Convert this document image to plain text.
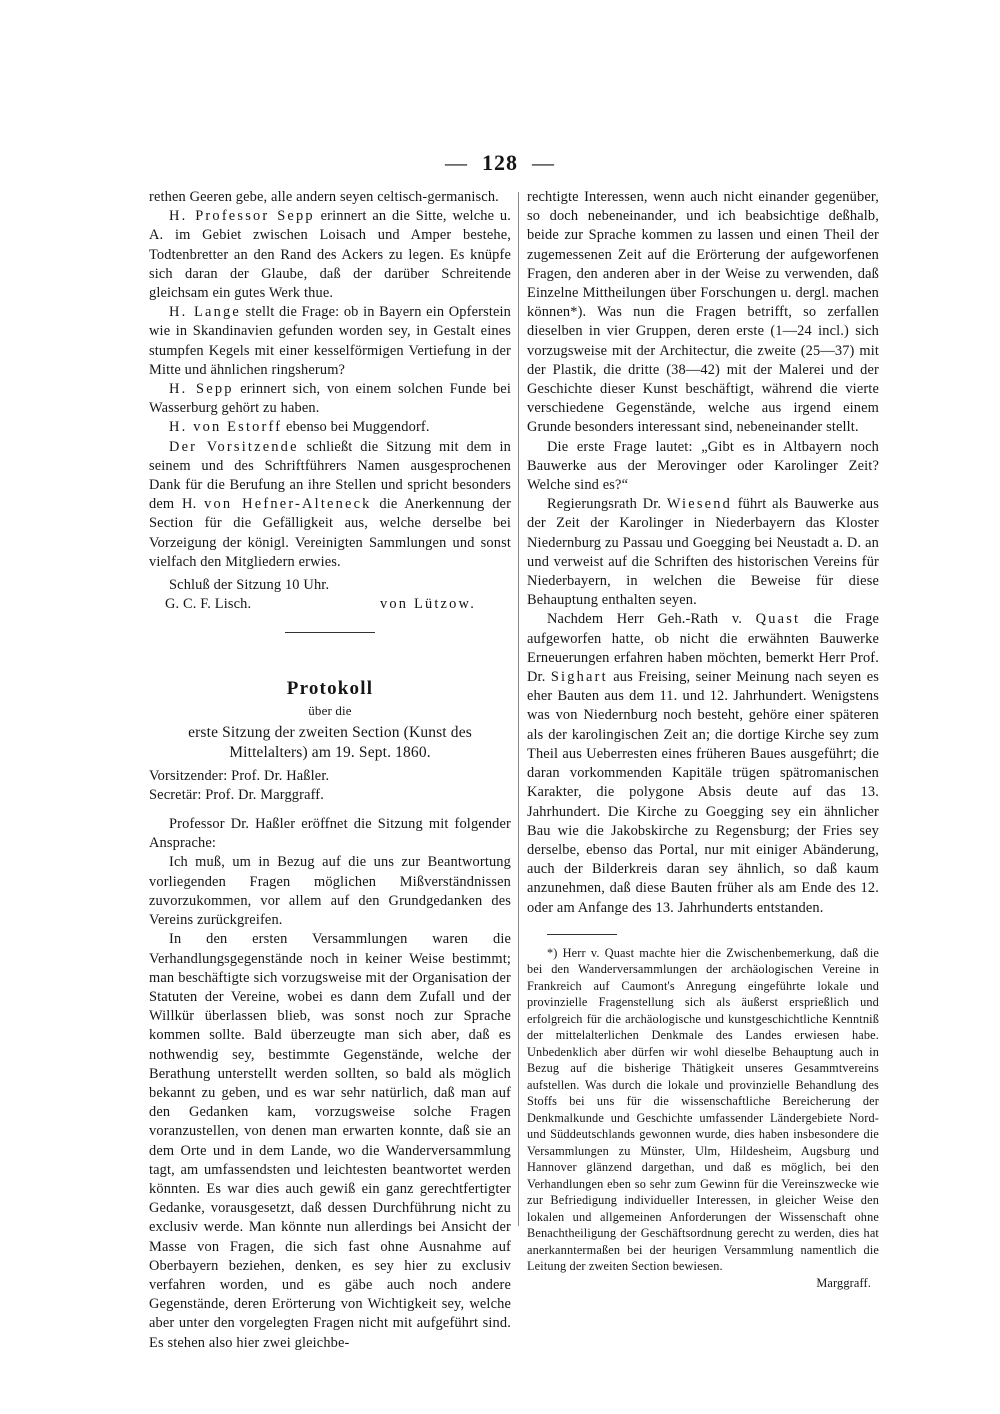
— 128 —

rethen Geeren gebe, alle andern seyen celtisch-germanisch.

H. Professor Sepp erinnert an die Sitte, welche u. A. im Gebiet zwischen Loisach und Amper bestehe, Todtenbretter an den Rand des Ackers zu legen. Es knüpfe sich daran der Glaube, daß der darüber Schreitende gleichsam ein gutes Werk thue.

H. Lange stellt die Frage: ob in Bayern ein Opferstein wie in Skandinavien gefunden worden sey, in Gestalt eines stumpfen Kegels mit einer kesselförmigen Vertiefung in der Mitte und ähnlichen ringsherum?

H. Sepp erinnert sich, von einem solchen Funde bei Wasserburg gehört zu haben.

H. von Estorff ebenso bei Muggendorf.

Der Vorsitzende schließt die Sitzung mit dem in seinem und des Schriftführers Namen ausgesprochenen Dank für die Berufung an ihre Stellen und spricht besonders dem H. von Hefner-Alteneck die Anerkennung der Section für die Gefälligkeit aus, welche derselbe bei Vorzeigung der königl. Vereinigten Sammlungen und sonst vielfach den Mitgliedern erwies.

Schluß der Sitzung 10 Uhr.

G. C. F. Lisch.	von Lützow.
Protokoll

über die

erste Sitzung der zweiten Section (Kunst des Mittelalters) am 19. Sept. 1860.

Vorsitzender: Prof. Dr. Haßler.

Secretär: Prof. Dr. Marggraff.

Professor Dr. Haßler eröffnet die Sitzung mit folgender Ansprache:

Ich muß, um in Bezug auf die uns zur Beantwortung vorliegenden Fragen möglichen Mißverständnissen zuvorzukommen, vor allem auf den Grundgedanken des Vereins zurückgreifen.

In den ersten Versammlungen waren die Verhandlungsgegenstände noch in keiner Weise bestimmt; man beschäftigte sich vorzugsweise mit der Organisation der Statuten der Vereine, wobei es dann dem Zufall und der Willkür überlassen blieb, was sonst noch zur Sprache kommen sollte. Bald überzeugte man sich aber, daß es nothwendig sey, bestimmte Gegenstände, welche der Berathung unterstellt werden sollten, so bald als möglich bekannt zu geben, und es war sehr natürlich, daß man auf den Gedanken kam, vorzugsweise solche Fragen voranzustellen, von denen man erwarten konnte, daß sie an dem Orte und in dem Lande, wo die Wanderversammlung tagt, am umfassendsten und leichtesten beantwortet werden könnten. Es war dies auch gewiß ein ganz gerechtfertigter Gedanke, vorausgesetzt, daß dessen Durchführung nicht zu exclusiv werde. Man könnte nun allerdings bei Ansicht der Masse von Fragen, die sich fast ohne Ausnahme auf Oberbayern beziehen, denken, es sey hier zu exclusiv verfahren worden, und es gäbe auch noch andere Gegenstände, deren Erörterung von Wichtigkeit sey, welche aber unter den vorgelegten Fragen nicht mit aufgeführt sind. Es stehen also hier zwei gleichbe-

rechtigte Interessen, wenn auch nicht einander gegenüber, so doch nebeneinander, und ich beabsichtige deßhalb, beide zur Sprache kommen zu lassen und einen Theil der zugemessenen Zeit auf die Erörterung der aufgeworfenen Fragen, den anderen aber in der Weise zu verwenden, daß Einzelne Mittheilungen über Forschungen u. dergl. machen können*). Was nun die Fragen betrifft, so zerfallen dieselben in vier Gruppen, deren erste (1—24 incl.) sich vorzugsweise mit der Architectur, die zweite (25—37) mit der Plastik, die dritte (38—42) mit der Malerei und der Geschichte dieser Kunst beschäftigt, während die vierte verschiedene Gegenstände, welche aus irgend einem Grunde besonders interessant sind, nebeneinander stellt.

Die erste Frage lautet: „Gibt es in Altbayern noch Bauwerke aus der Merovinger oder Karolinger Zeit? Welche sind es?“

Regierungsrath Dr. Wiesend führt als Bauwerke aus der Zeit der Karolinger in Niederbayern das Kloster Niedernburg zu Passau und Goegging bei Neustadt a. D. an und verweist auf die Schriften des historischen Vereins für Niederbayern, in welchen die Beweise für diese Behauptung enthalten seyen.

Nachdem Herr Geh.-Rath v. Quast die Frage aufgeworfen hatte, ob nicht die erwähnten Bauwerke Erneuerungen erfahren haben möchten, bemerkt Herr Prof. Dr. Sighart aus Freising, seiner Meinung nach seyen es eher Bauten aus dem 11. und 12. Jahrhundert. Wenigstens was von Niedernburg noch besteht, gehöre einer späteren als der karolingischen Zeit an; die dortige Kirche sey zum Theil aus Ueberresten eines früheren Baues ausgeführt; die daran vorkommenden Kapitäle trügen spätromanischen Karakter, die polygone Absis deute auf das 13. Jahrhundert. Die Kirche zu Goegging sey ein ähnlicher Bau wie die Jakobskirche zu Regensburg; der Fries sey derselbe, ebenso das Portal, nur mit einiger Abänderung, auch der Bilderkreis daran sey ähnlich, so daß kaum anzunehmen, daß diese Bauten früher als am Ende des 12. oder am Anfange des 13. Jahrhunderts entstanden.

*) Herr v. Quast machte hier die Zwischenbemerkung, daß die bei den Wanderversammlungen der archäologischen Vereine in Frankreich auf Caumont's Anregung eingeführte lokale und provinzielle Fragenstellung sich als äußerst ersprießlich und erfolgreich für die archäologische und kunstgeschichtliche Kenntniß der mittelalterlichen Denkmale des Landes erwiesen habe. Unbedenklich aber dürfen wir wohl dieselbe Behauptung auch in Bezug auf die bisherige Thätigkeit unseres Gesammtvereins aufstellen. Was durch die lokale und provinzielle Behandlung des Stoffs bei uns für die wissenschaftliche Bereicherung der Denkmalkunde und Geschichte umfassender Ländergebiete Nord- und Süddeutschlands gewonnen wurde, dies haben insbesondere die Versammlungen zu Münster, Ulm, Hildesheim, Augsburg und Hannover glänzend dargethan, und daß es möglich, bei den Verhandlungen eben so sehr zum Gewinn für die Vereinszwecke wie zur Befriedigung individueller Interessen, in gleicher Weise den lokalen und allgemeinen Anforderungen der Wissenschaft ohne Benachtheiligung der Geschäftsordnung gerecht zu werden, dies hat anerkanntermaßen bei der heurigen Versammlung namentlich die Leitung der zweiten Section bewiesen.

Marggraff.
